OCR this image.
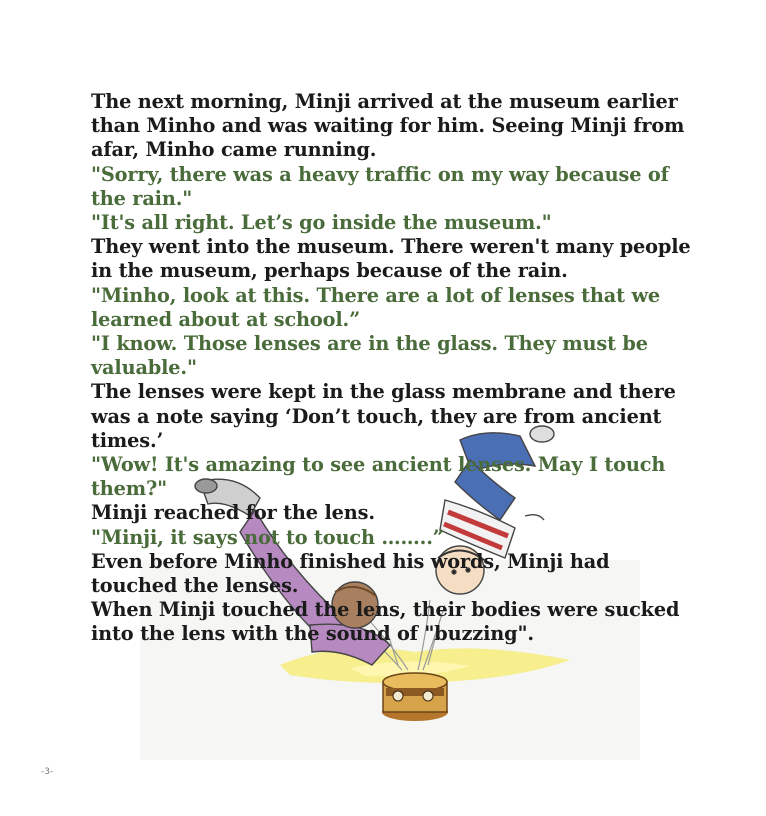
The next morning, Minji arrived at the museum earlier than Minho and was waiting for him. Seeing Minji from afar, Minho came running.

"Sorry, there was a heavy traffic on my way because of the rain."

"It's all right. Let’s go inside the museum."

They went into the museum. There weren't many people in the museum, perhaps because of the rain.

"Minho, look at this. There are a lot of lenses that we learned about at school.”

"I know. Those lenses are in the glass. They must be valuable."

The lenses were kept in the glass membrane and there was a note saying ‘Don’t touch, they are from ancient times.’

"Wow! It's amazing to see ancient lenses. May I touch them?"

Minji reached for the lens.

"Minji, it says not to touch ……..”

Even before Minho finished his words, Minji had touched the lenses.

When Minji touched the lens, their bodies were sucked into the lens with the sound of "buzzing".

-3-
